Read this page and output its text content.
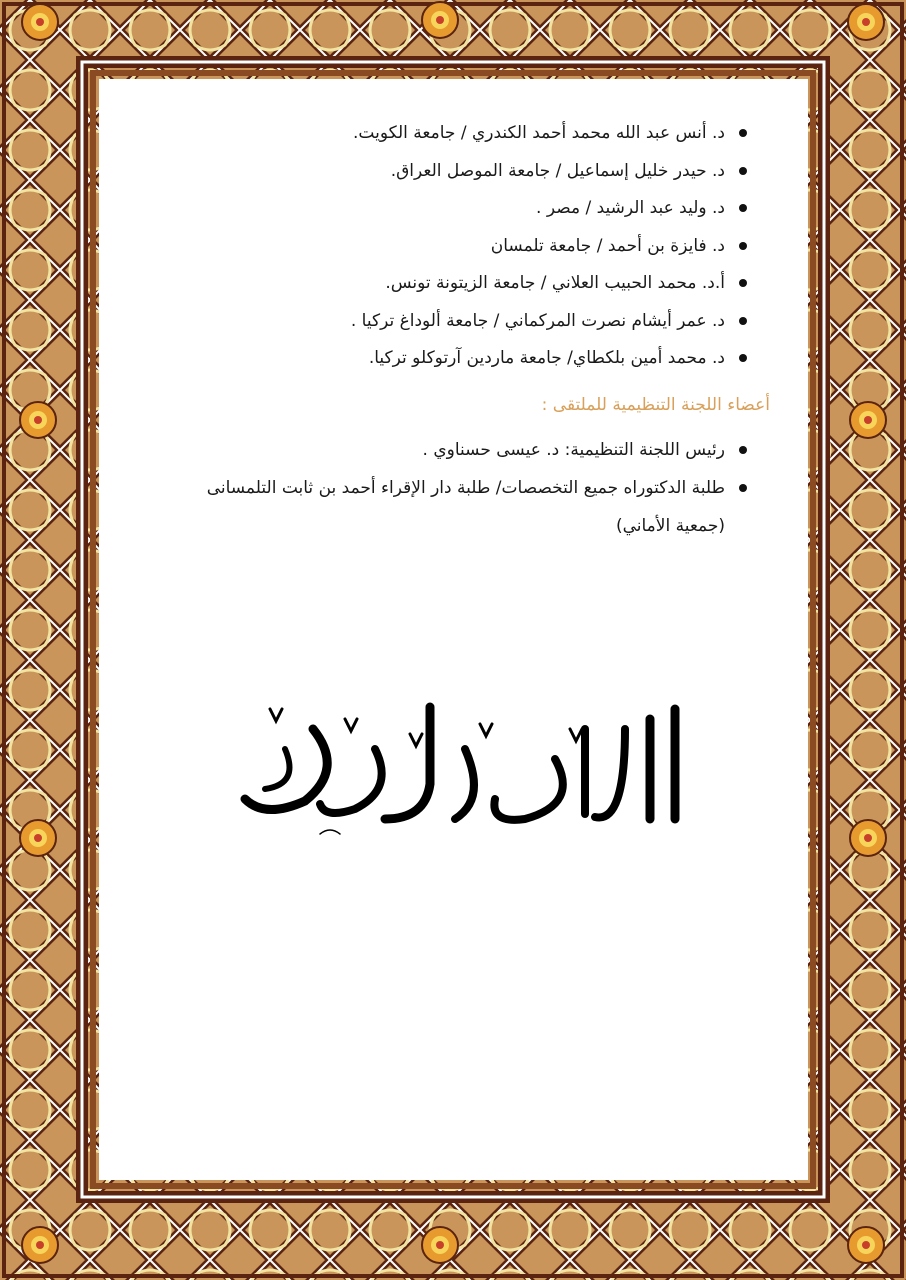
د. أنس عبد الله محمد أحمد الكندري / جامعة الكويت.
د. حيدر خليل إسماعيل / جامعة الموصل العراق.
د. وليد عبد الرشيد / مصر .
د. فايزة بن أحمد / جامعة تلمسان
أ.د. محمد الحبيب العلاني / جامعة الزيتونة تونس.
د. عمر أيشام نصرت المركماني / جامعة ألوداغ تركيا .
د. محمد أمين بلكطاي/ جامعة ماردين آرتوكلو تركيا.
أعضاء اللجنة التنظيمية للملتقى :
رئيس اللجنة التنظيمية: د. عيسى حسناوي .
طلبة الدكتوراه جميع التخصصات/ طلبة دار الإقراء أحمد بن ثابت التلمسانی (جمعية الأماني)
